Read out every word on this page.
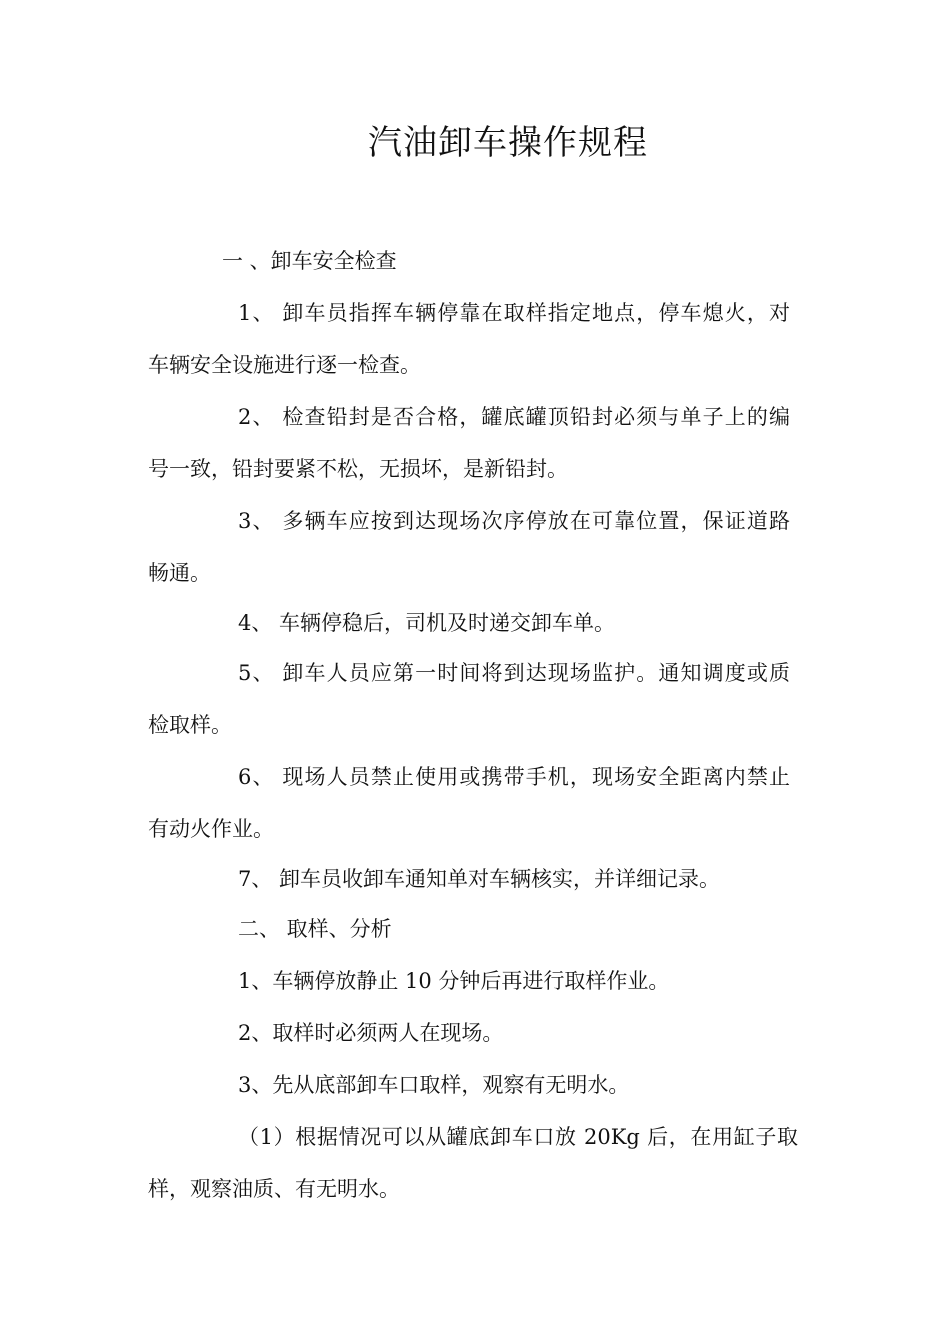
汽油卸车操作规程
一 、卸车安全检查
1、 卸车员指挥车辆停靠在取样指定地点，停车熄火，对
车辆安全设施进行逐一检查。
2、 检查铅封是否合格，罐底罐顶铅封必须与单子上的编
号一致，铅封要紧不松，无损坏，是新铅封。
3、 多辆车应按到达现场次序停放在可靠位置，保证道路
畅通。
4、 车辆停稳后，司机及时递交卸车单。
5、 卸车人员应第一时间将到达现场监护。通知调度或质
检取样。
6、 现场人员禁止使用或携带手机，现场安全距离内禁止
有动火作业。
7、 卸车员收卸车通知单对车辆核实，并详细记录。
二、 取样、分析
1、车辆停放静止 10 分钟后再进行取样作业。
2、取样时必须两人在现场。
3、先从底部卸车口取样，观察有无明水。
（1）根据情况可以从罐底卸车口放 20Kg 后，在用缸子取
样，观察油质、有无明水。
